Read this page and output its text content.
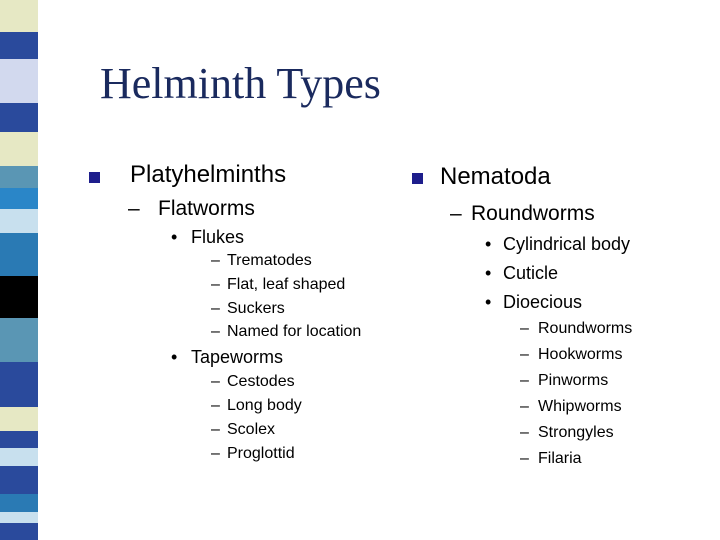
Helminth Types
Platyhelminths
– Flatworms
• Flukes
– Trematodes
– Flat, leaf shaped
– Suckers
– Named for location
• Tapeworms
– Cestodes
– Long body
– Scolex
– Proglottid
Nematoda
– Roundworms
• Cylindrical body
• Cuticle
• Dioecious
– Roundworms
– Hookworms
– Pinworms
– Whipworms
– Strongyles
– Filaria
